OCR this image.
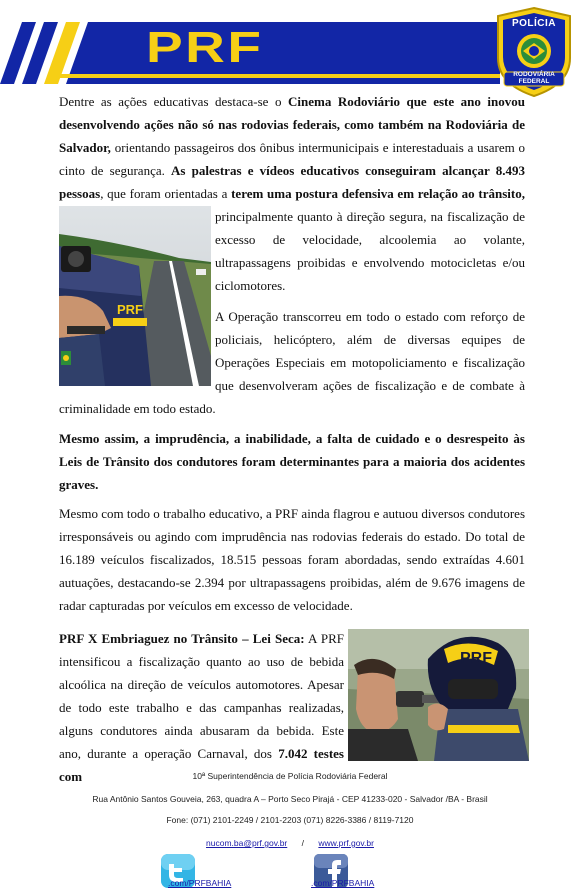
PRF	POLÍCIA
RODOVIÁRIA
FEDERAL
Dentre as ações educativas destaca-se o Cinema Rodoviário que este ano inovou desenvolvendo ações não só nas rodovias federais, como também na Rodoviária de Salvador, orientando passageiros dos ônibus intermunicipais e interestaduais a usarem o cinto de segurança. As palestras e vídeos educativos conseguiram alcançar 8.493 pessoas, que foram orientadas a terem uma postura defensiva em relação ao trânsito, principalmente quanto à direção segura, na fiscalização de excesso de velocidade, alcoolemia ao volante, ultrapassagens proibidas e envolvendo motocicletas e/ou ciclomotores.
PRF	A Operação transcorreu em todo o estado com reforço de policiais, helicóptero, além de diversas equipes de Operações Especiais em motopoliciamento e fiscalização que desenvolveram ações de fiscalização e de combate à criminalidade em todo estado.
Mesmo assim, a imprudência, a inabilidade, a falta de cuidado e o desrespeito às Leis de Trânsito dos condutores foram determinantes para a maioria dos acidentes graves.
Mesmo com todo o trabalho educativo, a PRF ainda flagrou e autuou diversos condutores irresponsáveis ou agindo com imprudência nas rodovias federais do estado. Do total de 16.189 veículos fiscalizados, 18.515 pessoas foram abordadas, sendo extraídas 4.601 autuações, destacando-se 2.394 por ultrapassagens proibidas, além de 9.676 imagens de radar capturadas por veículos em excesso de velocidade.
PRF X Embriaguez no Trânsito – Lei Seca: A PRF intensificou a fiscalização quanto ao uso de bebida alcoólica na direção de veículos automotores. Apesar de todo este trabalho e das campanhas realizadas, alguns condutores ainda abusaram da bebida. Este ano, durante a operação Carnaval, dos 7.042 testes com
PRF
10ª Superintendência de Polícia Rodoviária Federal
Rua Antônio Santos Gouveia, 263, quadra A – Porto Seco Pirajá - CEP 41233-020 - Salvador /BA - Brasil
Fone: (071) 2101-2249 / 2101-2203 (071) 8226-3386 / 8119-7120
nucom.ba@prf.gov.br / www.prf.gov.br
.com/PRFBAHIA	.com/PRFBAHIA
